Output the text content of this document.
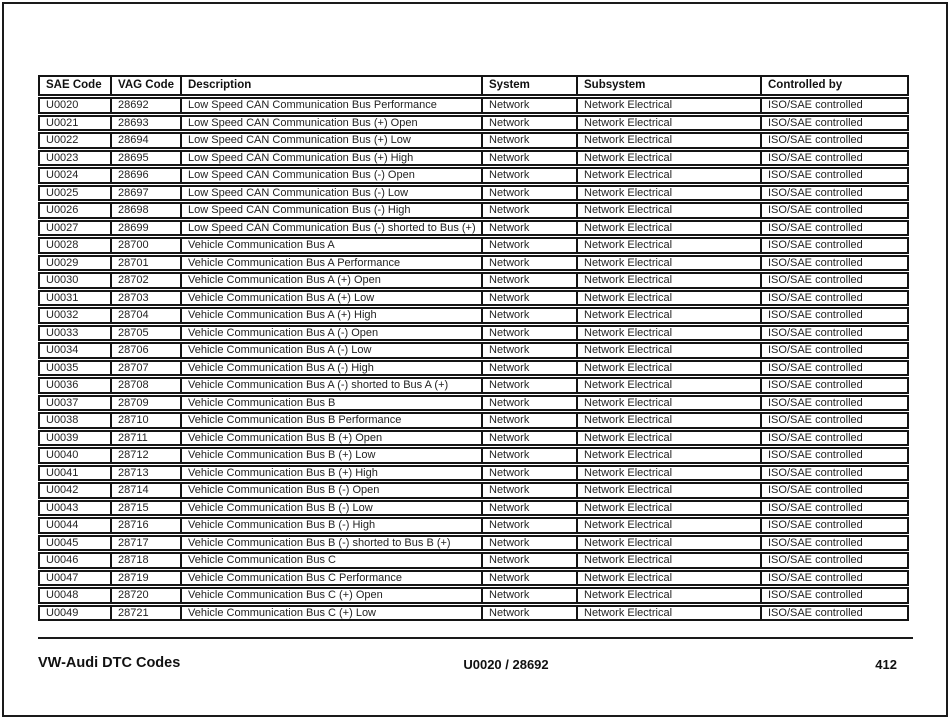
SAE Code	VAG Code	Description	System	Subsystem	Controlled by
U0020	28692	Low Speed CAN Communication Bus Performance	Network	Network Electrical	ISO/SAE controlled
U0021	28693	Low Speed CAN Communication Bus (+) Open	Network	Network Electrical	ISO/SAE controlled
U0022	28694	Low Speed CAN Communication Bus (+) Low	Network	Network Electrical	ISO/SAE controlled
U0023	28695	Low Speed CAN Communication Bus (+) High	Network	Network Electrical	ISO/SAE controlled
U0024	28696	Low Speed CAN Communication Bus (-) Open	Network	Network Electrical	ISO/SAE controlled
U0025	28697	Low Speed CAN Communication Bus (-) Low	Network	Network Electrical	ISO/SAE controlled
U0026	28698	Low Speed CAN Communication Bus (-) High	Network	Network Electrical	ISO/SAE controlled
U0027	28699	Low Speed CAN Communication Bus (-) shorted to Bus (+)	Network	Network Electrical	ISO/SAE controlled
U0028	28700	Vehicle Communication Bus A	Network	Network Electrical	ISO/SAE controlled
U0029	28701	Vehicle Communication Bus A Performance	Network	Network Electrical	ISO/SAE controlled
U0030	28702	Vehicle Communication Bus A (+) Open	Network	Network Electrical	ISO/SAE controlled
U0031	28703	Vehicle Communication Bus A (+) Low	Network	Network Electrical	ISO/SAE controlled
U0032	28704	Vehicle Communication Bus A (+) High	Network	Network Electrical	ISO/SAE controlled
U0033	28705	Vehicle Communication Bus A (-) Open	Network	Network Electrical	ISO/SAE controlled
U0034	28706	Vehicle Communication Bus A (-) Low	Network	Network Electrical	ISO/SAE controlled
U0035	28707	Vehicle Communication Bus A (-) High	Network	Network Electrical	ISO/SAE controlled
U0036	28708	Vehicle Communication Bus A (-) shorted to Bus A (+)	Network	Network Electrical	ISO/SAE controlled
U0037	28709	Vehicle Communication Bus B	Network	Network Electrical	ISO/SAE controlled
U0038	28710	Vehicle Communication Bus B Performance	Network	Network Electrical	ISO/SAE controlled
U0039	28711	Vehicle Communication Bus B (+) Open	Network	Network Electrical	ISO/SAE controlled
U0040	28712	Vehicle Communication Bus B (+) Low	Network	Network Electrical	ISO/SAE controlled
U0041	28713	Vehicle Communication Bus B (+) High	Network	Network Electrical	ISO/SAE controlled
U0042	28714	Vehicle Communication Bus B (-) Open	Network	Network Electrical	ISO/SAE controlled
U0043	28715	Vehicle Communication Bus B (-) Low	Network	Network Electrical	ISO/SAE controlled
U0044	28716	Vehicle Communication Bus B (-) High	Network	Network Electrical	ISO/SAE controlled
U0045	28717	Vehicle Communication Bus B (-) shorted to Bus B (+)	Network	Network Electrical	ISO/SAE controlled
U0046	28718	Vehicle Communication Bus C	Network	Network Electrical	ISO/SAE controlled
U0047	28719	Vehicle Communication Bus C Performance	Network	Network Electrical	ISO/SAE controlled
U0048	28720	Vehicle Communication Bus C (+) Open	Network	Network Electrical	ISO/SAE controlled
U0049	28721	Vehicle Communication Bus C (+) Low	Network	Network Electrical	ISO/SAE controlled
VW-Audi DTC Codes	U0020 / 28692	412
